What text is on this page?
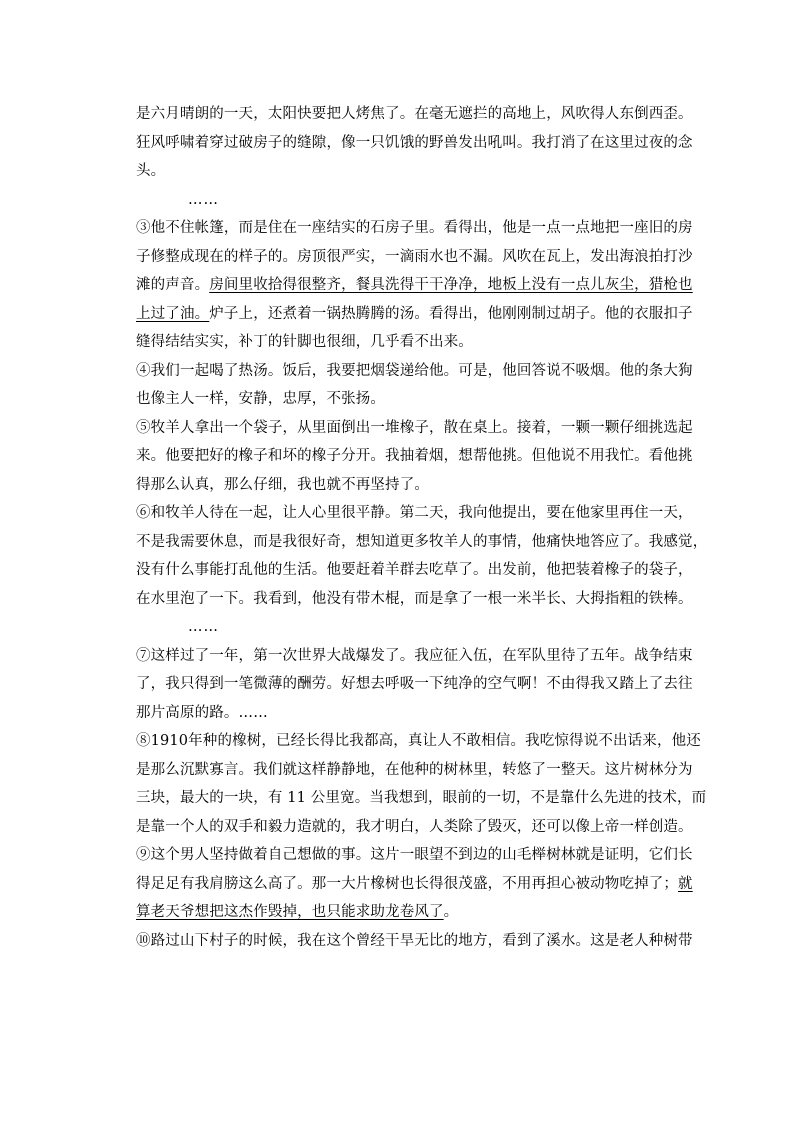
是六月晴朗的一天，太阳快要把人烤焦了。在毫无遮拦的高地上，风吹得人东倒西歪。
狂风呼啸着穿过破房子的缝隙，像一只饥饿的野兽发出吼叫。我打消了在这里过夜的念
头。
……
③他不住帐篷，而是住在一座结实的石房子里。看得出，他是一点一点地把一座旧的房
子修整成现在的样子的。房顶很严实，一滴雨水也不漏。风吹在瓦上，发出海浪拍打沙
滩的声音。房间里收拾得很整齐，餐具洗得干干净净，地板上没有一点儿灰尘，猎枪也
上过了油。炉子上，还煮着一锅热腾腾的汤。看得出，他刚刚制过胡子。他的衣服扣子
缝得结结实实，补丁的针脚也很细，几乎看不出来。
④我们一起喝了热汤。饭后，我要把烟袋递给他。可是，他回答说不吸烟。他的条大狗
也像主人一样，安静，忠厚，不张扬。
⑤牧羊人拿出一个袋子，从里面倒出一堆橡子，散在桌上。接着，一颗一颗仔细挑选起
来。他要把好的橡子和坏的橡子分开。我抽着烟，想帮他挑。但他说不用我忙。看他挑
得那么认真，那么仔细，我也就不再坚持了。
⑥和牧羊人待在一起，让人心里很平静。第二天，我向他提出，要在他家里再住一天，
不是我需要休息，而是我很好奇，想知道更多牧羊人的事情，他痛快地答应了。我感觉，
没有什么事能打乱他的生活。他要赶着羊群去吃草了。出发前，他把装着橡子的袋子，
在水里泡了一下。我看到，他没有带木棍，而是拿了一根一米半长、大拇指粗的铁棒。
……
⑦这样过了一年，第一次世界大战爆发了。我应征入伍，在军队里待了五年。战争结束
了，我只得到一笔微薄的酬劳。好想去呼吸一下纯净的空气啊！不由得我又踏上了去往
那片高原的路。……
⑧1910年种的橡树，已经长得比我都高，真让人不敢相信。我吃惊得说不出话来，他还
是那么沉默寡言。我们就这样静静地，在他种的树林里，转悠了一整天。这片树林分为
三块，最大的一块，有 11 公里宽。当我想到，眼前的一切，不是靠什么先进的技术，而
是靠一个人的双手和毅力造就的，我才明白，人类除了毁灭，还可以像上帝一样创造。
⑨这个男人坚持做着自己想做的事。这片一眼望不到边的山毛榉树林就是证明，它们长
得足足有我肩膀这么高了。那一大片橡树也长得很茂盛，不用再担心被动物吃掉了；就
算老天爷想把这杰作毁掉，也只能求助龙卷风了。
⑩路过山下村子的时候，我在这个曾经干旱无比的地方，看到了溪水。这是老人种树带
